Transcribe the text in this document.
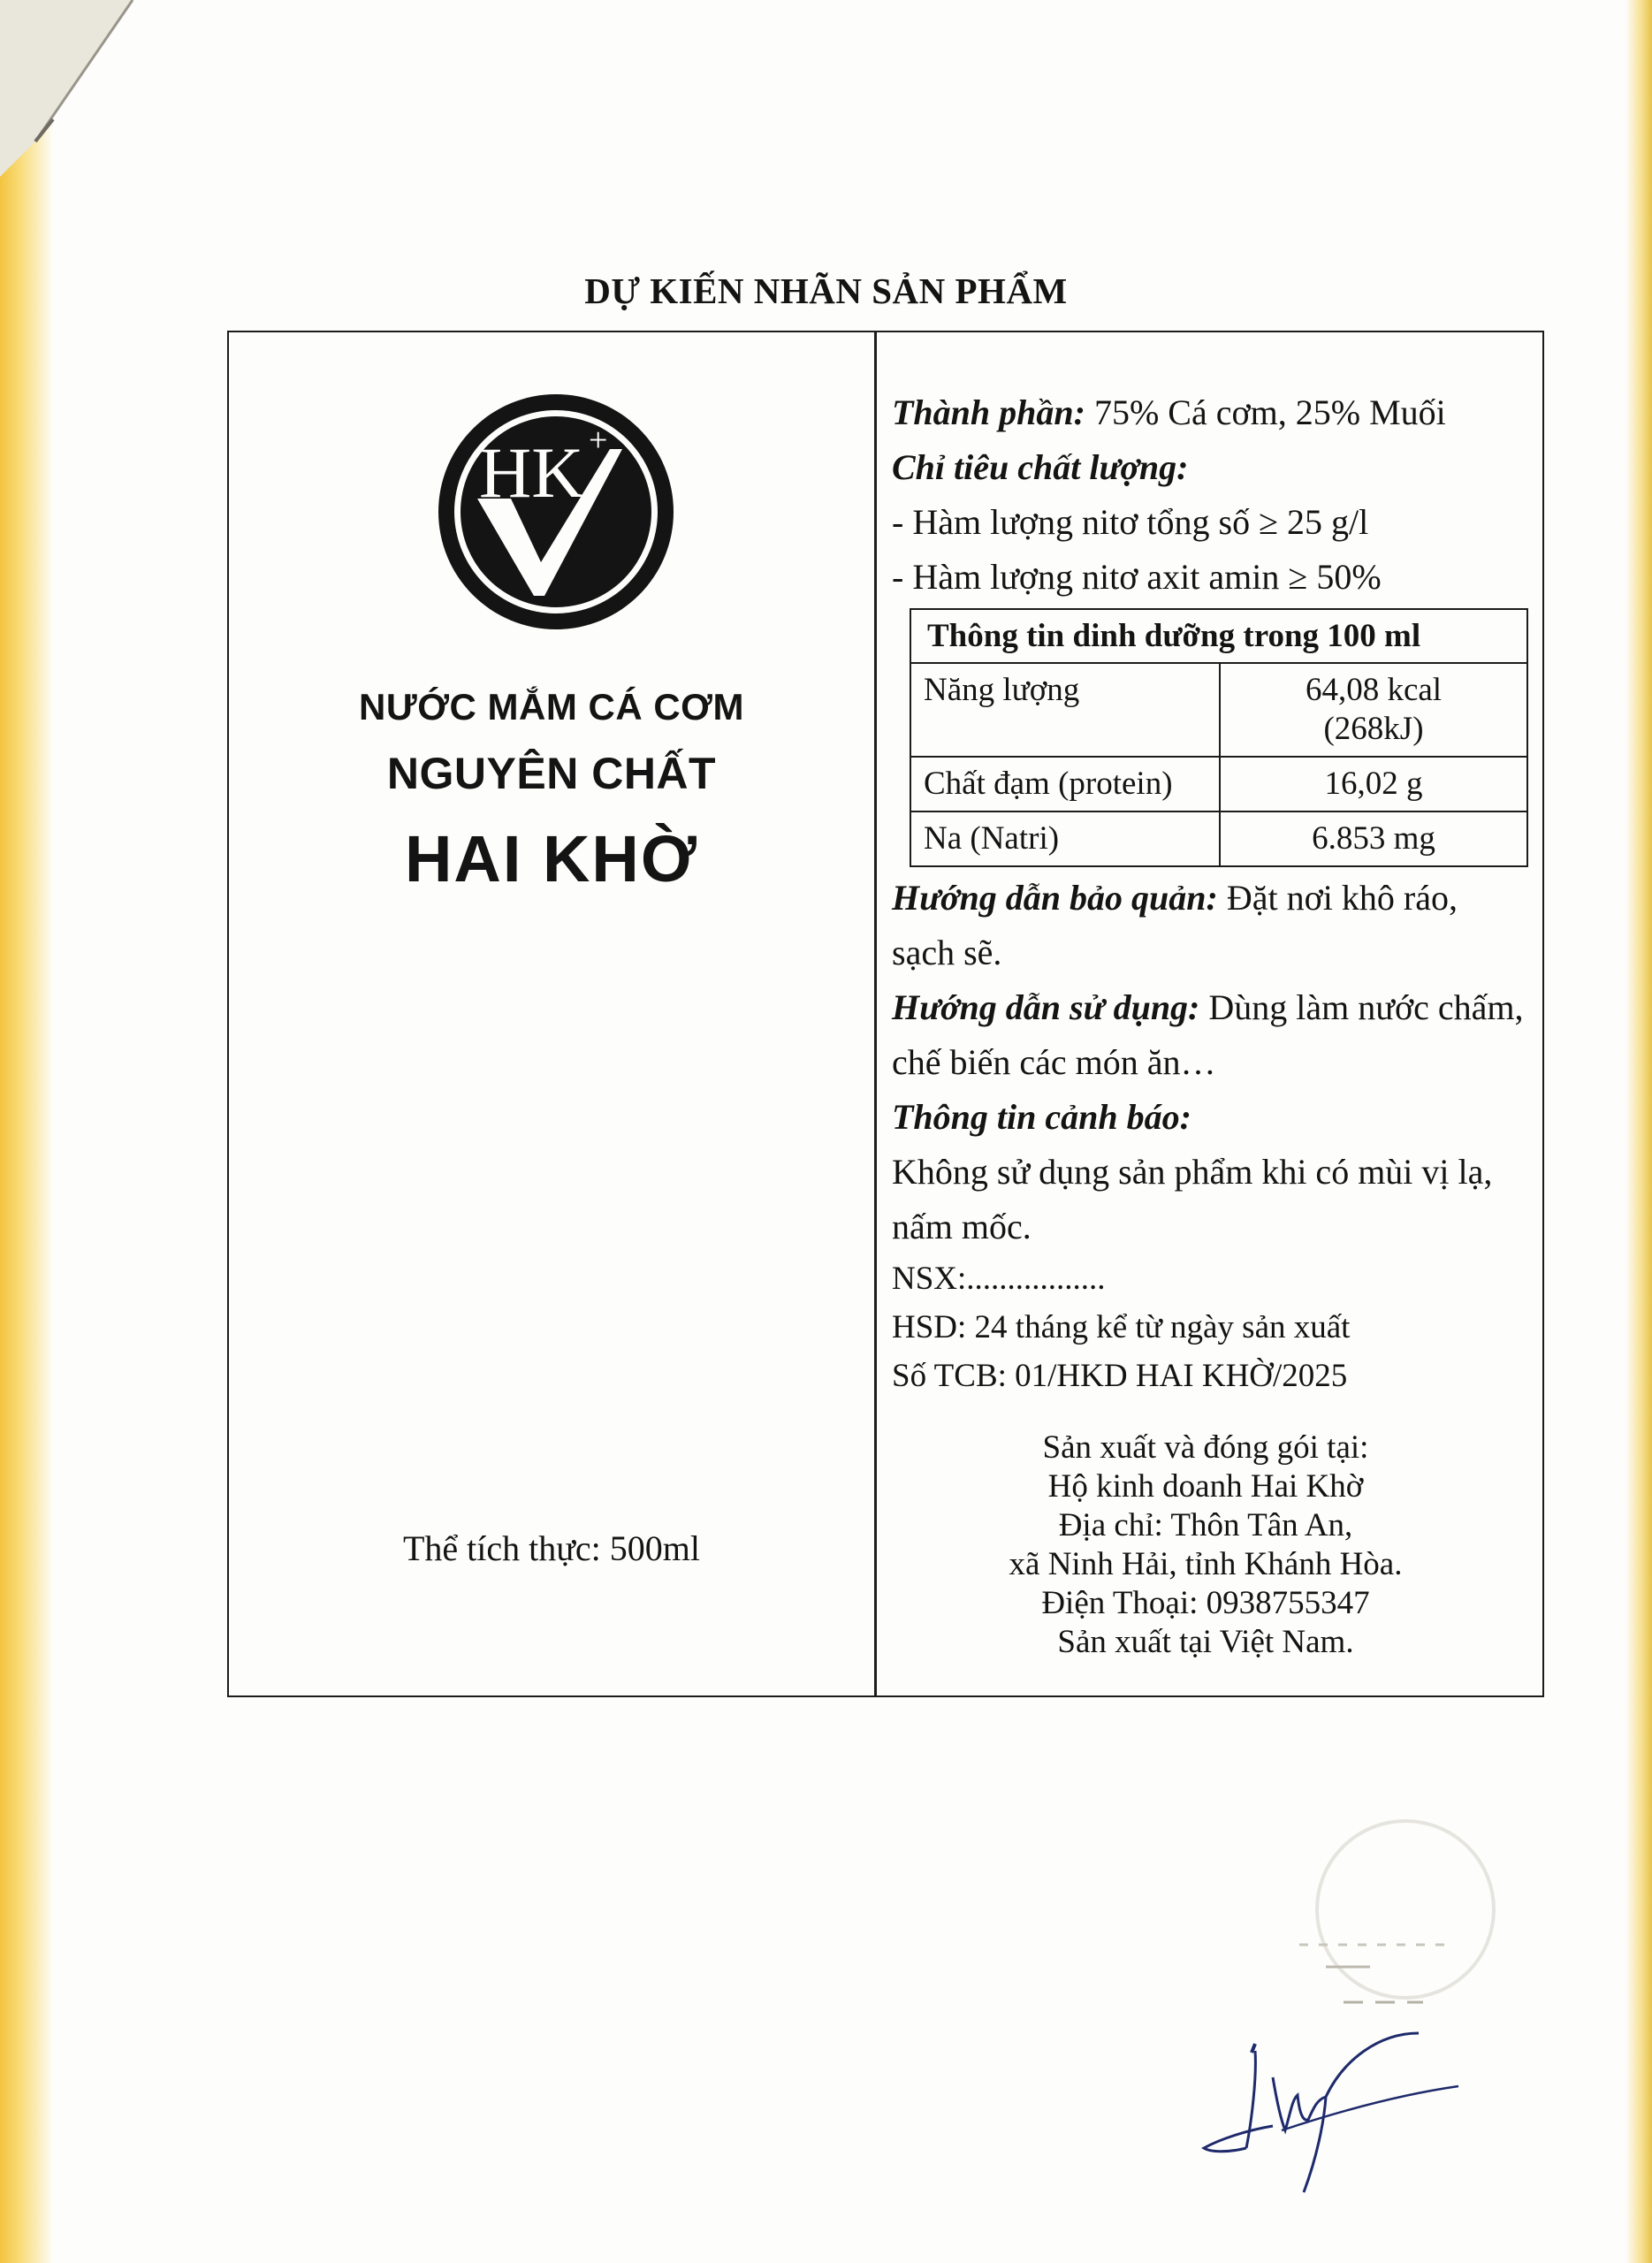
DỰ KIẾN NHÃN SẢN PHẨM
HK +
NƯỚC MẮM CÁ CƠM
NGUYÊN CHẤT
HAI KHỜ
Thể tích thực: 500ml
Thành phần: 75% Cá cơm, 25% Muối
Chỉ tiêu chất lượng:
- Hàm lượng nitơ tổng số ≥ 25 g/l
- Hàm lượng nitơ axit amin ≥ 50%
Thông tin dinh dưỡng trong 100 ml	
Năng lượng	64,08 kcal (268kJ)
Chất đạm (protein)	16,02 g
Na (Natri)	6.853 mg
Hướng dẫn bảo quản: Đặt nơi khô ráo, sạch sẽ.
Hướng dẫn sử dụng: Dùng làm nước chấm, chế biến các món ăn…
Thông tin cảnh báo:
Không sử dụng sản phẩm khi có mùi vị lạ, nấm mốc.
NSX:.................
HSD: 24 tháng kể từ ngày sản xuất
Số TCB: 01/HKD HAI KHỜ/2025
Sản xuất và đóng gói tại:
Hộ kinh doanh Hai Khờ
Địa chỉ: Thôn Tân An,
xã Ninh Hải, tỉnh Khánh Hòa.
Điện Thoại: 0938755347
Sản xuất tại Việt Nam.
